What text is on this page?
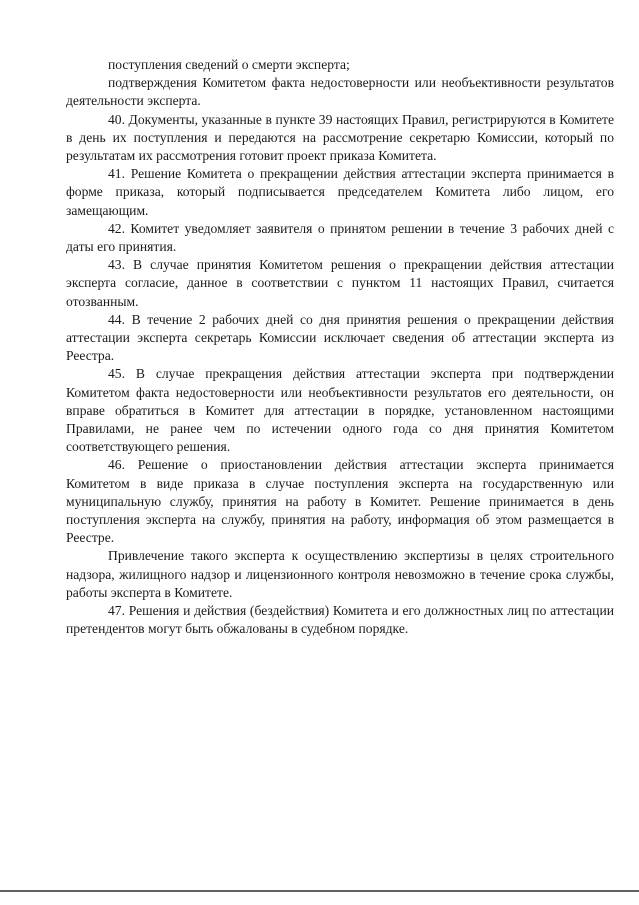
поступления сведений о смерти эксперта;

подтверждения Комитетом факта недостоверности или необъективности результатов деятельности эксперта.

40. Документы, указанные в пункте 39 настоящих Правил, регистрируются в Комитете в день их поступления и передаются на рассмотрение секретарю Комиссии, который по результатам их рассмотрения готовит проект приказа Комитета.

41. Решение Комитета о прекращении действия аттестации эксперта принимается в форме приказа, который подписывается председателем Комитета либо лицом, его замещающим.

42. Комитет уведомляет заявителя о принятом решении в течение 3 рабочих дней с даты его принятия.

43. В случае принятия Комитетом решения о прекращении действия аттестации эксперта согласие, данное в соответствии с пунктом 11 настоящих Правил, считается отозванным.

44. В течение 2 рабочих дней со дня принятия решения о прекращении действия аттестации эксперта секретарь Комиссии исключает сведения об аттестации эксперта из Реестра.

45. В случае прекращения действия аттестации эксперта при подтверждении Комитетом факта недостоверности или необъективности результатов его деятельности, он вправе обратиться в Комитет для аттестации в порядке, установленном настоящими Правилами, не ранее чем по истечении одного года со дня принятия Комитетом соответствующего решения.

46. Решение о приостановлении действия аттестации эксперта принимается Комитетом в виде приказа в случае поступления эксперта на государственную или муниципальную службу, принятия на работу в Комитет. Решение принимается в день поступления эксперта на службу, принятия на работу, информация об этом размещается в Реестре.

Привлечение такого эксперта к осуществлению экспертизы в целях строительного надзора, жилищного надзор и лицензионного контроля невозможно в течение срока службы, работы эксперта в Комитете.

47. Решения и действия (бездействия) Комитета и его должностных лиц по аттестации претендентов могут быть обжалованы в судебном порядке.
